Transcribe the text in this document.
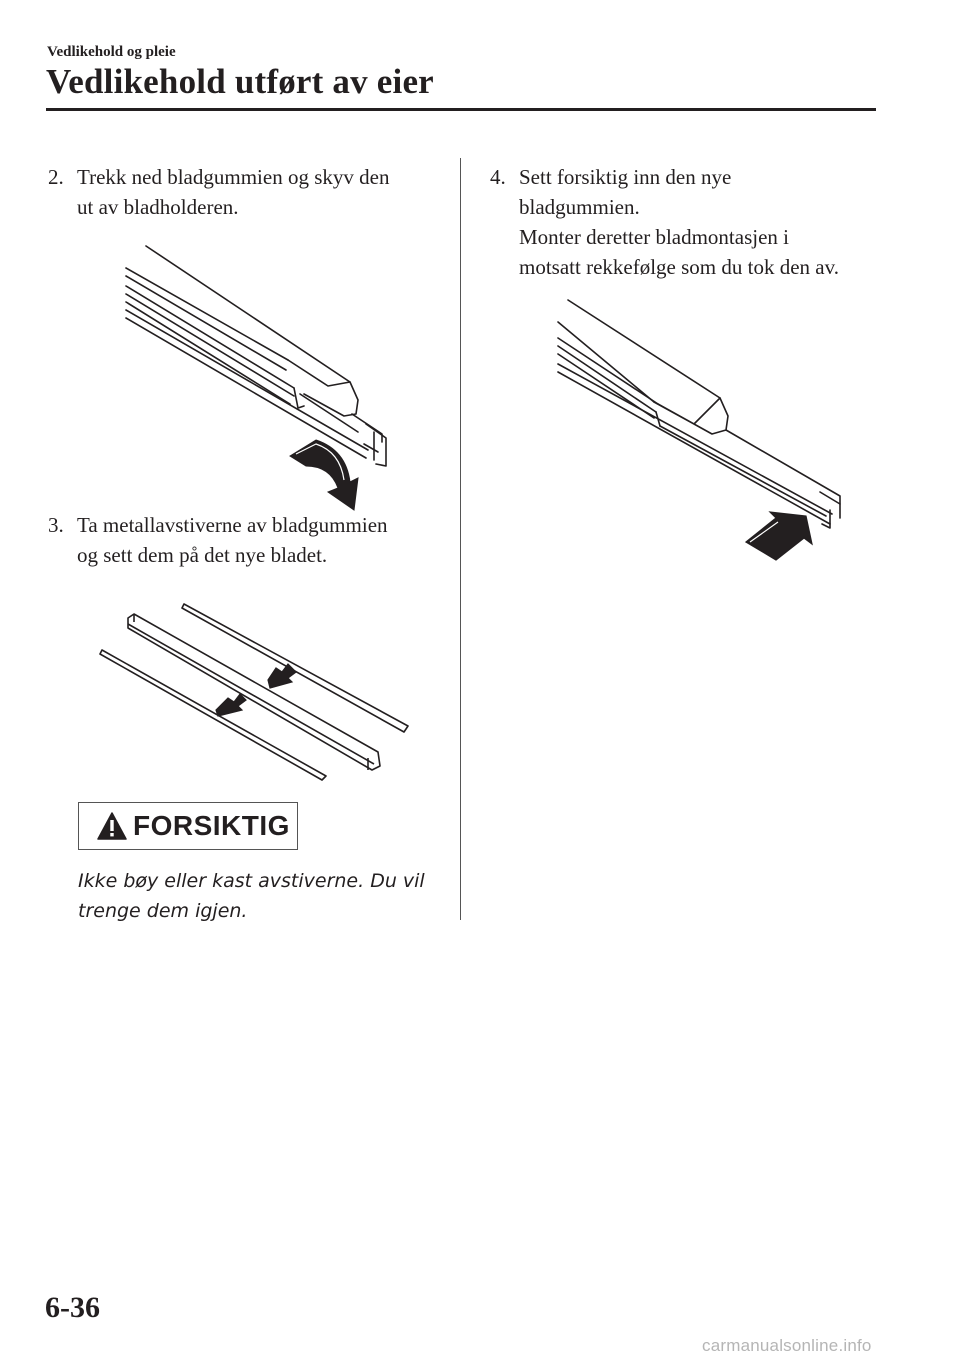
Vedlikehold og pleie
Vedlikehold utført av eier
2. Trekk ned bladgummien og skyv den
ut av bladholderen.
3. Ta metallavstiverne av bladgummien
og sett dem på det nye bladet.
FORSIKTIG
Ikke bøy eller kast avstiverne. Du vil
trenge dem igjen.
4. Sett forsiktig inn den nye
bladgummien.
Monter deretter bladmontasjen i
motsatt rekkefølge som du tok den av.
6-36
carmanualsonline.info
